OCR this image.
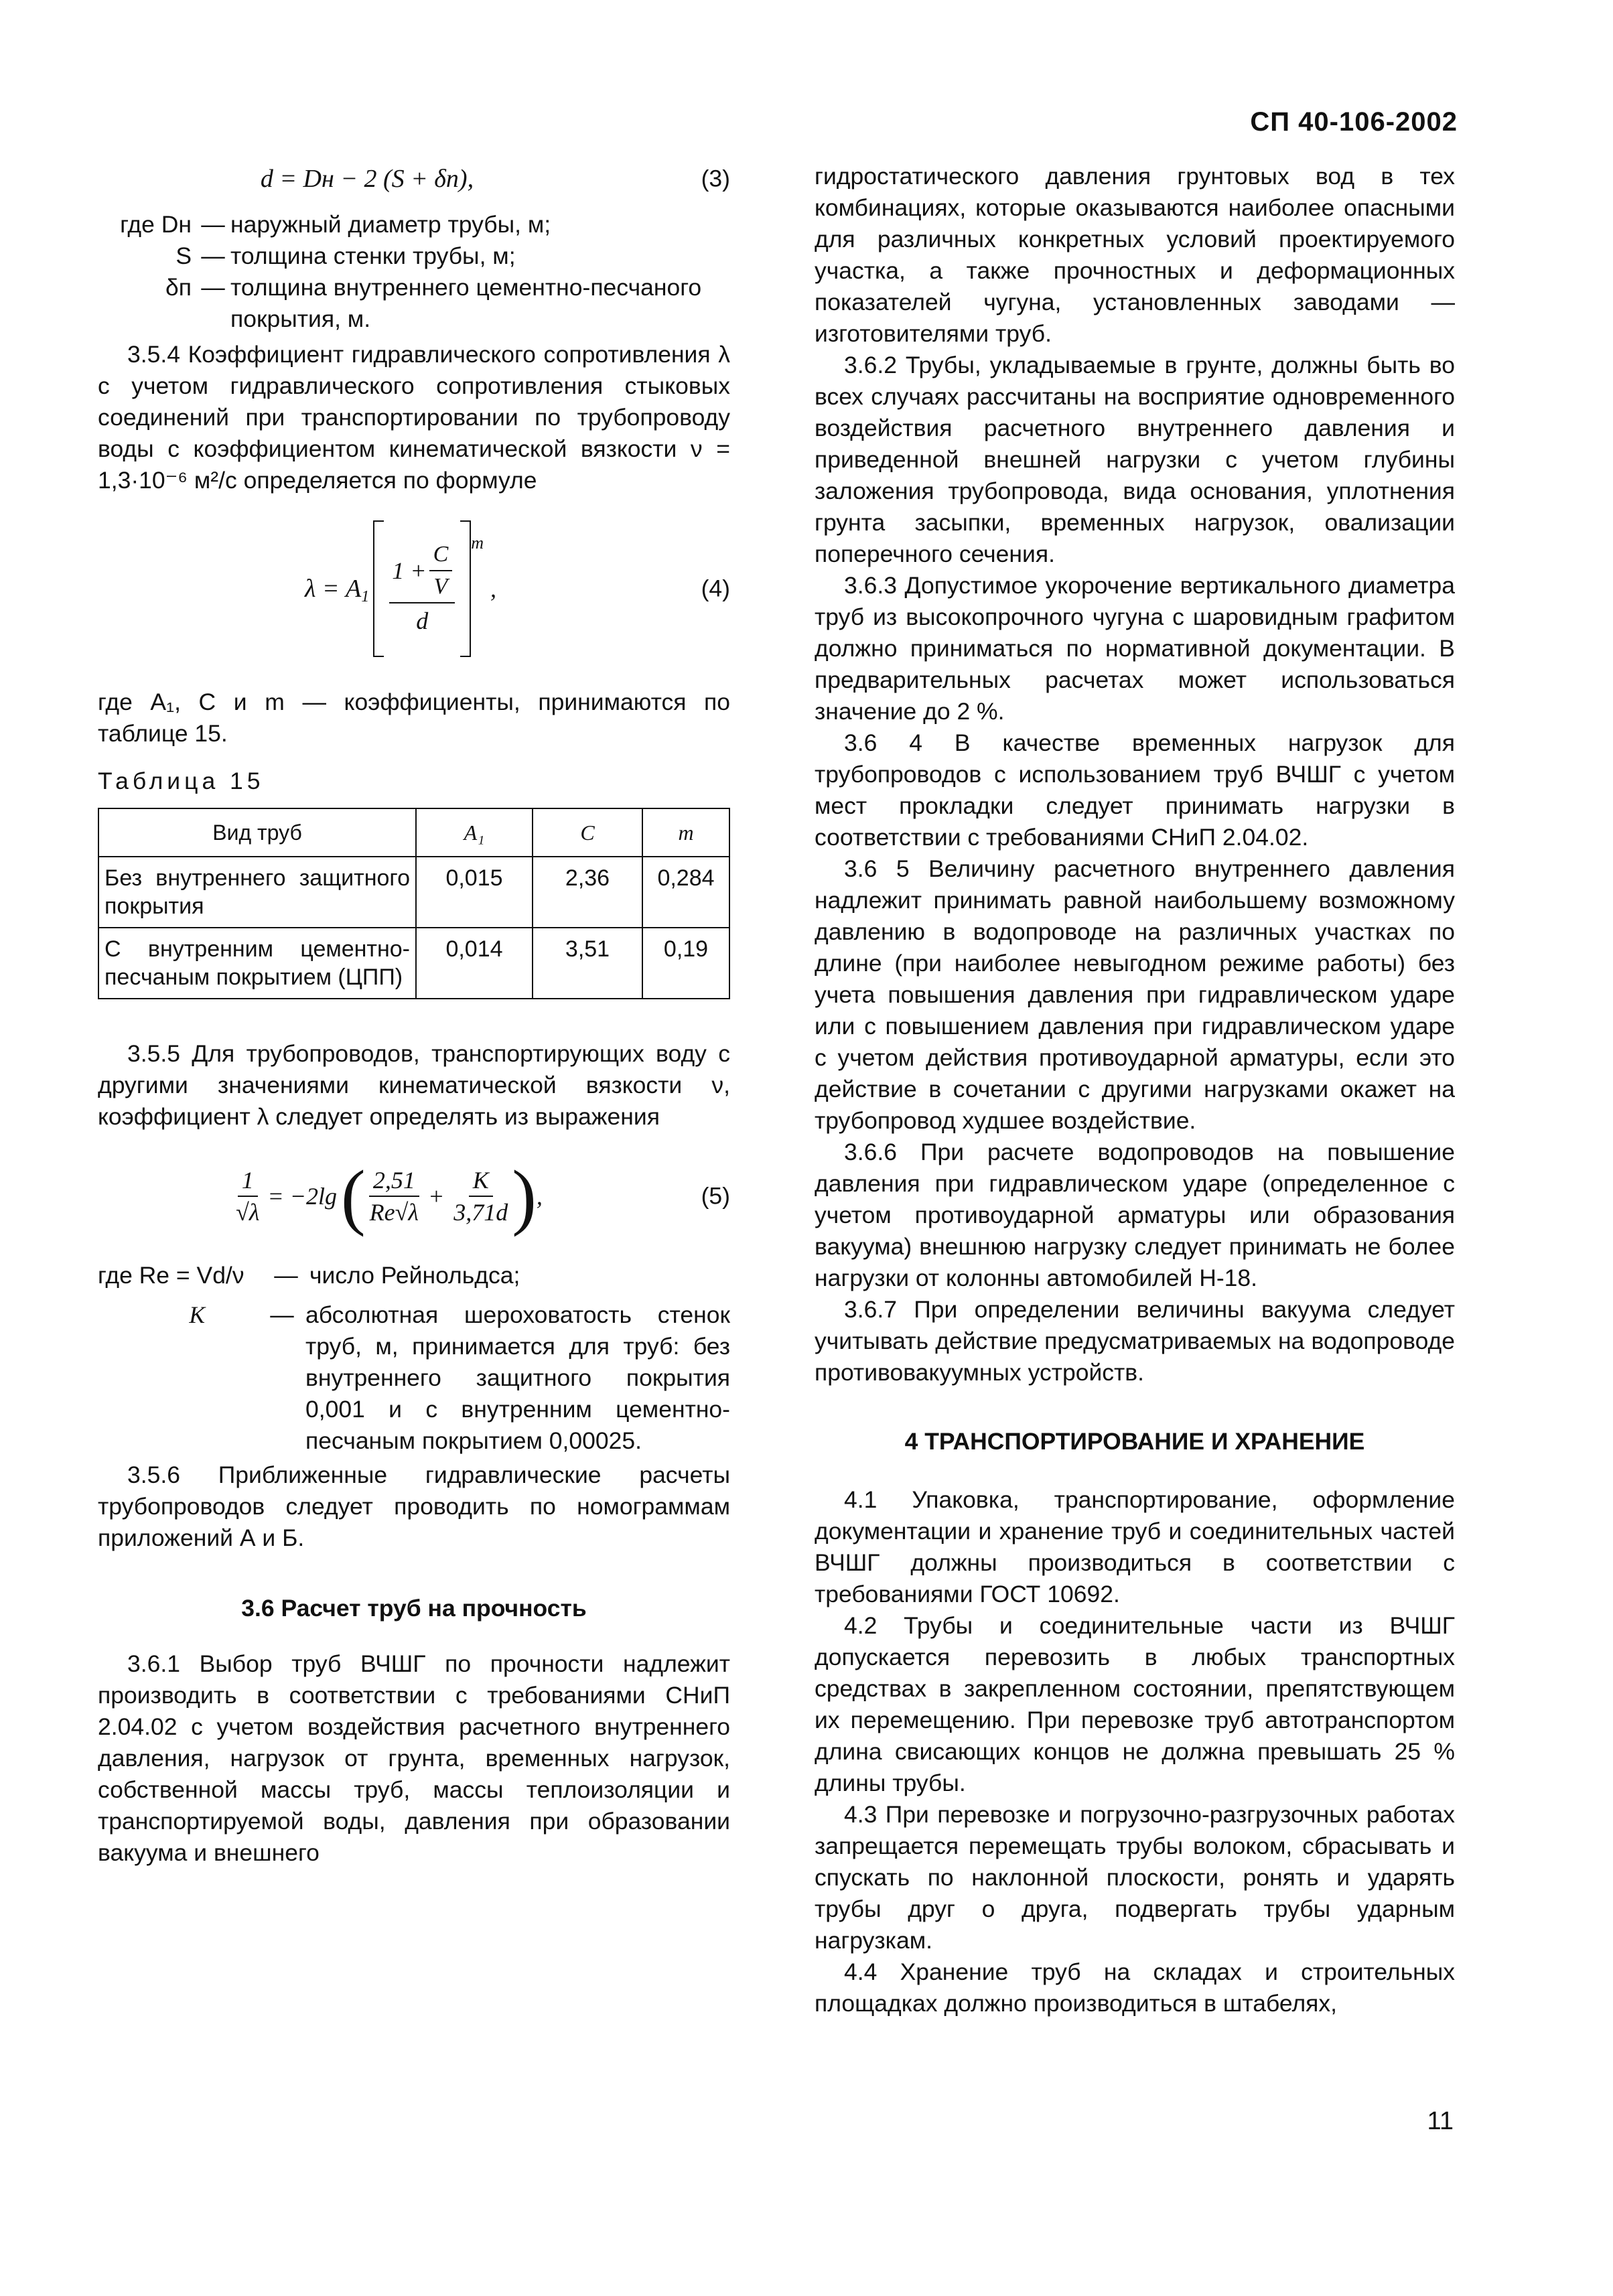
СП 40-106-2002
d = Dн − 2 (S + δп),	(3)
где Dн — наружный диаметр трубы, м;
S — толщина стенки трубы, м;
δп — толщина внутреннего цементно-песчаного покрытия, м.

3.5.4 Коэффициент гидравлического сопротивления λ с учетом гидравлического сопротивления стыковых соединений при транспортировании по трубопроводу воды с коэффициентом кинематической вязкости ν = 1,3·10⁻⁶ м²/с определяется по формуле

λ = A 1
$1 + \frac{C}{V}$
d
m
,	(4)

где A₁, C и m — коэффициенты, принимаются по таблице 15.

Таблица 15
Вид труб	A₁	C	m
Без внутреннего защитного покрытия	0,015	2,36	0,284
С внутренним цементно-песчаным покрытием (ЦПП)	0,014	3,51	0,19

3.5.5 Для трубопроводов, транспортирующих воду с другими значениями кинематической вязкости ν, коэффициент λ следует определять из выражения

$\frac{1}{√\lambda} = -2\lg$ ( $\frac{2,51}{Re√\lambda} + \frac{K}{3,71d}$ ) ,	(5)
где Re = Vd/ν	— число Рейнольдса;
K	— абсолютная шероховатость стенок труб, м, принимается для труб: без внутреннего защитного покрытия 0,001 и с внутренним цементно-песчаным покрытием 0,00025.

3.5.6 Приближенные гидравлические расчеты трубопроводов следует проводить по номограммам приложений А и Б.

3.6 Расчет труб на прочность

3.6.1 Выбор труб ВЧШГ по прочности надлежит производить в соответствии с требованиями СНиП 2.04.02 с учетом воздействия расчетного внутреннего давления, нагрузок от грунта, временных нагрузок, собственной массы труб, массы теплоизоляции и транспортируемой воды, давления при образовании вакуума и внешнего

гидростатического давления грунтовых вод в тех комбинациях, которые оказываются наиболее опасными для различных конкретных условий проектируемого участка, а также прочностных и деформационных показателей чугуна, установленных заводами — изготовителями труб.

3.6.2 Трубы, укладываемые в грунте, должны быть во всех случаях рассчитаны на восприятие одновременного воздействия расчетного внутреннего давления и приведенной внешней нагрузки с учетом глубины заложения трубопровода, вида основания, уплотнения грунта засыпки, временных нагрузок, овализации поперечного сечения.

3.6.3 Допустимое укорочение вертикального диаметра труб из высокопрочного чугуна с шаровидным графитом должно приниматься по нормативной документации. В предварительных расчетах может использоваться значение до 2 %.

3.6 4 В качестве временных нагрузок для трубопроводов с использованием труб ВЧШГ с учетом мест прокладки следует принимать нагрузки в соответствии с требованиями СНиП 2.04.02.

3.6 5 Величину расчетного внутреннего давления надлежит принимать равной наибольшему возможному давлению в водопроводе на различных участках по длине (при наиболее невыгодном режиме работы) без учета повышения давления при гидравлическом ударе или с повышением давления при гидравлическом ударе с учетом действия противоударной арматуры, если это действие в сочетании с другими нагрузками окажет на трубопровод худшее воздействие.

3.6.6 При расчете водопроводов на повышение давления при гидравлическом ударе (определенное с учетом противоударной арматуры или образования вакуума) внешнюю нагрузку следует принимать не более нагрузки от колонны автомобилей Н-18.

3.6.7 При определении величины вакуума следует учитывать действие предусматриваемых на водопроводе противовакуумных устройств.

4 ТРАНСПОРТИРОВАНИЕ И ХРАНЕНИЕ

4.1 Упаковка, транспортирование, оформление документации и хранение труб и соединительных частей ВЧШГ должны производиться в соответствии с требованиями ГОСТ 10692.

4.2 Трубы и соединительные части из ВЧШГ допускается перевозить в любых транспортных средствах в закрепленном состоянии, препятствующем их перемещению. При перевозке труб автотранспортом длина свисающих концов не должна превышать 25 % длины трубы.

4.3 При перевозке и погрузочно-разгрузочных работах запрещается перемещать трубы волоком, сбрасывать и спускать по наклонной плоскости, ронять и ударять трубы друг о друга, подвергать трубы ударным нагрузкам.

4.4 Хранение труб на складах и строительных площадках должно производиться в штабелях,

11
